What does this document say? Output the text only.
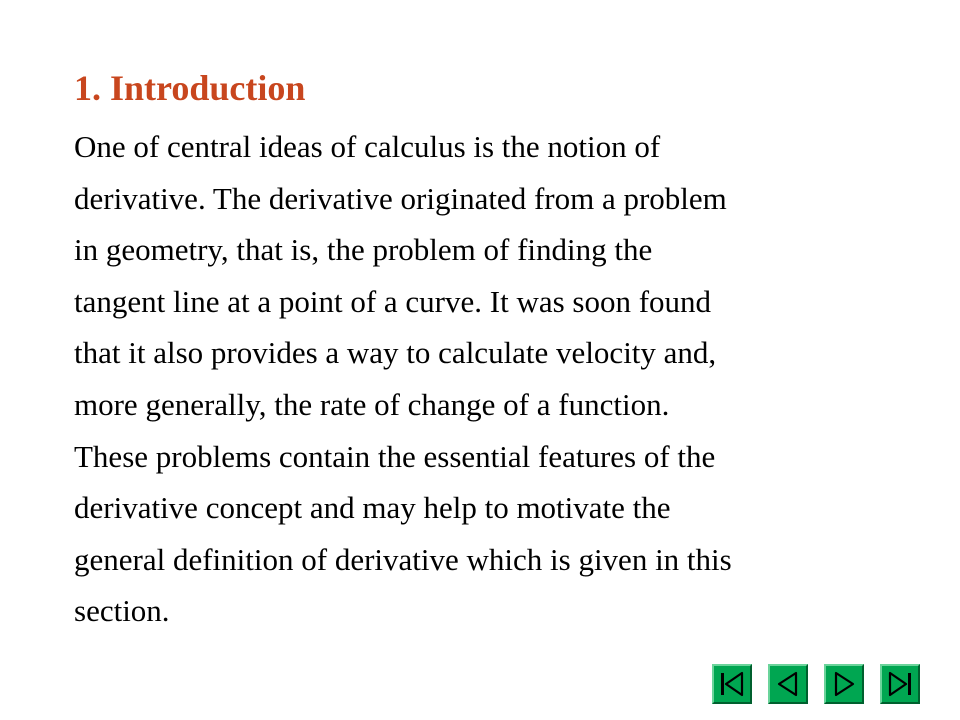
1. Introduction
One of central ideas of calculus is the notion of
derivative. The derivative originated from a problem
in geometry, that is, the problem of finding the
tangent line at a point of a curve. It was soon found
that it also provides a way to calculate velocity and,
more generally, the rate of change of a function.
These problems contain the essential features of the
derivative concept and may help to motivate the
general definition of derivative which is given in this
section.
